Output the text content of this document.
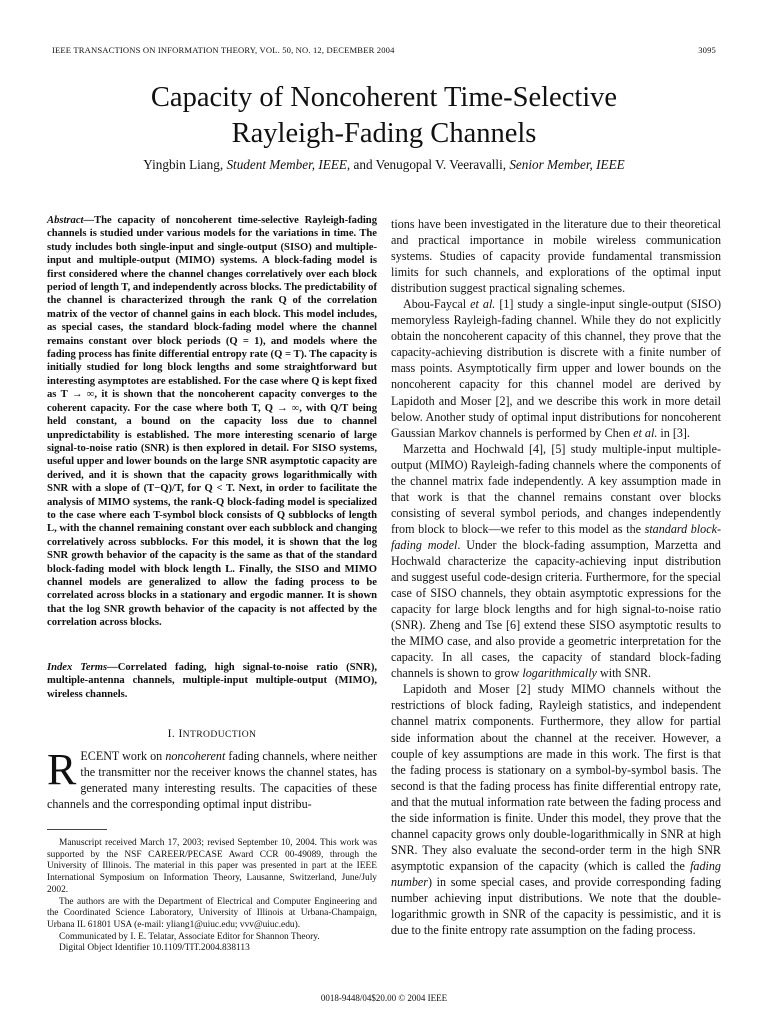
IEEE TRANSACTIONS ON INFORMATION THEORY, VOL. 50, NO. 12, DECEMBER 2004	3095
Capacity of Noncoherent Time-Selective
Rayleigh-Fading Channels
Yingbin Liang, Student Member, IEEE, and Venugopal V. Veeravalli, Senior Member, IEEE
Abstract—The capacity of noncoherent time-selective Rayleigh-fading channels is studied under various models for the variations in time. The study includes both single-input and single-output (SISO) and multiple-input and multiple-output (MIMO) systems. A block-fading model is first considered where the channel changes correlatively over each block period of length T, and independently across blocks. The predictability of the channel is characterized through the rank Q of the correlation matrix of the vector of channel gains in each block. This model includes, as special cases, the standard block-fading model where the channel remains constant over block periods (Q = 1), and models where the fading process has finite differential entropy rate (Q = T). The capacity is initially studied for long block lengths and some straightforward but interesting asymptotes are established. For the case where Q is kept fixed as T → ∞, it is shown that the noncoherent capacity converges to the coherent capacity. For the case where both T, Q → ∞, with Q/T being held constant, a bound on the capacity loss due to channel unpredictability is established. The more interesting scenario of large signal-to-noise ratio (SNR) is then explored in detail. For SISO systems, useful upper and lower bounds on the large SNR asymptotic capacity are derived, and it is shown that the capacity grows logarithmically with SNR with a slope of (T−Q)/T, for Q < T. Next, in order to facilitate the analysis of MIMO systems, the rank-Q block-fading model is specialized to the case where each T-symbol block consists of Q subblocks of length L, with the channel remaining constant over each subblock and changing correlatively across subblocks. For this model, it is shown that the log SNR growth behavior of the capacity is the same as that of the standard block-fading model with block length L. Finally, the SISO and MIMO channel models are generalized to allow the fading process to be correlated across blocks in a stationary and ergodic manner. It is shown that the log SNR growth behavior of the capacity is not affected by the correlation across blocks.
Index Terms—Correlated fading, high signal-to-noise ratio (SNR), multiple-antenna channels, multiple-input multiple-output (MIMO), wireless channels.
I. INTRODUCTION
RECENT work on noncoherent fading channels, where neither the transmitter nor the receiver knows the channel states, has generated many interesting results. The capacities of these channels and the corresponding optimal input distribu-

Manuscript received March 17, 2003; revised September 10, 2004. This work was supported by the NSF CAREER/PECASE Award CCR 00-49089, through the University of Illinois. The material in this paper was presented in part at the IEEE International Symposium on Information Theory, Lausanne, Switzerland, June/July 2002.

The authors are with the Department of Electrical and Computer Engineering and the Coordinated Science Laboratory, University of Illinois at Urbana-Champaign, Urbana IL 61801 USA (e-mail: yliang1@uiuc.edu; vvv@uiuc.edu).

Communicated by I. E. Telatar, Associate Editor for Shannon Theory.

Digital Object Identifier 10.1109/TIT.2004.838113

tions have been investigated in the literature due to their theoretical and practical importance in mobile wireless communication systems. Studies of capacity provide fundamental transmission limits for such channels, and explorations of the optimal input distribution suggest practical signaling schemes.

Abou-Faycal et al. [1] study a single-input single-output (SISO) memoryless Rayleigh-fading channel. While they do not explicitly obtain the noncoherent capacity of this channel, they prove that the capacity-achieving distribution is discrete with a finite number of mass points. Asymptotically firm upper and lower bounds on the noncoherent capacity for this channel model are derived by Lapidoth and Moser [2], and we describe this work in more detail below. Another study of optimal input distributions for noncoherent Gaussian Markov channels is performed by Chen et al. in [3].

Marzetta and Hochwald [4], [5] study multiple-input multiple-output (MIMO) Rayleigh-fading channels where the components of the channel matrix fade independently. A key assumption made in that work is that the channel remains constant over blocks consisting of several symbol periods, and changes independently from block to block—we refer to this model as the standard block-fading model. Under the block-fading assumption, Marzetta and Hochwald characterize the capacity-achieving input distribution and suggest useful code-design criteria. Furthermore, for the special case of SISO channels, they obtain asymptotic expressions for the capacity for large block lengths and for high signal-to-noise ratio (SNR). Zheng and Tse [6] extend these SISO asymptotic results to the MIMO case, and also provide a geometric interpretation for the capacity. In all cases, the capacity of standard block-fading channels is shown to grow logarithmically with SNR.

Lapidoth and Moser [2] study MIMO channels without the restrictions of block fading, Rayleigh statistics, and independent channel matrix components. Furthermore, they allow for partial side information about the channel at the receiver. However, a couple of key assumptions are made in this work. The first is that the fading process is stationary on a symbol-by-symbol basis. The second is that the fading process has finite differential entropy rate, and that the mutual information rate between the fading process and the side information is finite. Under this model, they prove that the channel capacity grows only double-logarithmically in SNR at high SNR. They also evaluate the second-order term in the high SNR asymptotic expansion of the capacity (which is called the fading number) in some special cases, and provide corresponding fading number achieving input distributions. We note that the double-logarithmic growth in SNR of the capacity is pessimistic, and it is due to the finite entropy rate assumption on the fading process.

0018-9448/04$20.00 © 2004 IEEE
